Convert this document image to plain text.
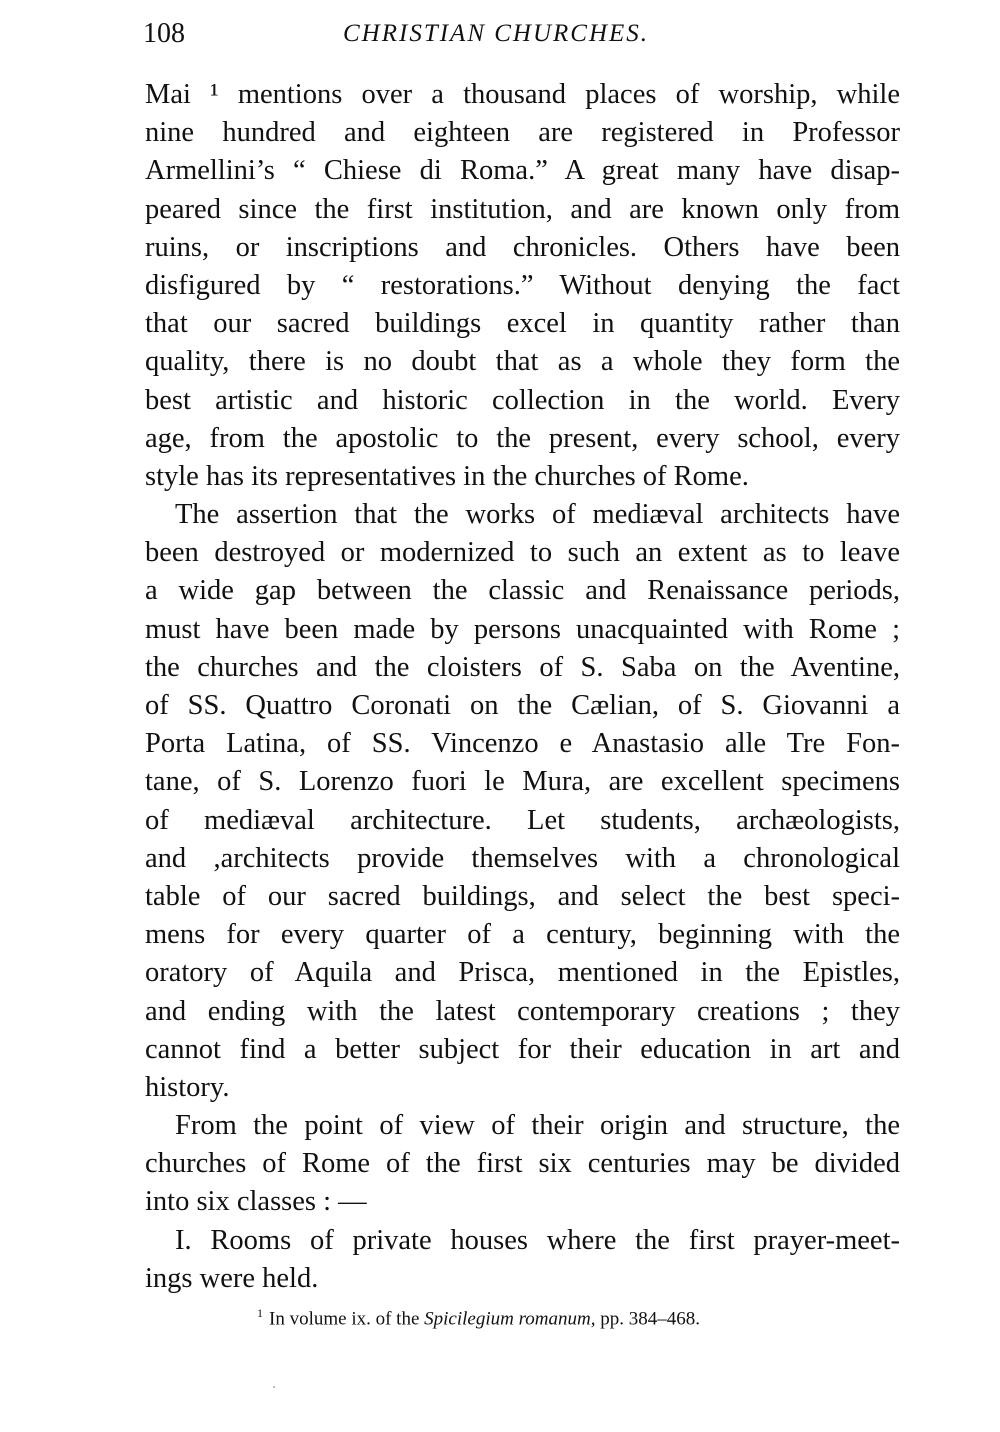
108	CHRISTIAN CHURCHES.
Mai ¹ mentions over a thousand places of worship, while
nine hundred and eighteen are registered in Professor
Armellini’s “ Chiese di Roma.” A great many have disap-
peared since the first institution, and are known only from
ruins, or inscriptions and chronicles. Others have been
disfigured by “ restorations.” Without denying the fact
that our sacred buildings excel in quantity rather than
quality, there is no doubt that as a whole they form the
best artistic and historic collection in the world. Every
age, from the apostolic to the present, every school, every
style has its representatives in the churches of Rome.
The assertion that the works of mediæval architects have
been destroyed or modernized to such an extent as to leave
a wide gap between the classic and Renaissance periods,
must have been made by persons unacquainted with Rome ;
the churches and the cloisters of S. Saba on the Aventine,
of SS. Quattro Coronati on the Cælian, of S. Giovanni a
Porta Latina, of SS. Vincenzo e Anastasio alle Tre Fon-
tane, of S. Lorenzo fuori le Mura, are excellent specimens
of mediæval architecture. Let students, archæologists,
and ,architects provide themselves with a chronological
table of our sacred buildings, and select the best speci-
mens for every quarter of a century, beginning with the
oratory of Aquila and Prisca, mentioned in the Epistles,
and ending with the latest contemporary creations ; they
cannot find a better subject for their education in art and
history.
From the point of view of their origin and structure, the
churches of Rome of the first six centuries may be divided
into six classes : —
I. Rooms of private houses where the first prayer-meet-
ings were held.
$^1$ In volume ix. of the Spicilegium romanum, pp. 384–468.
